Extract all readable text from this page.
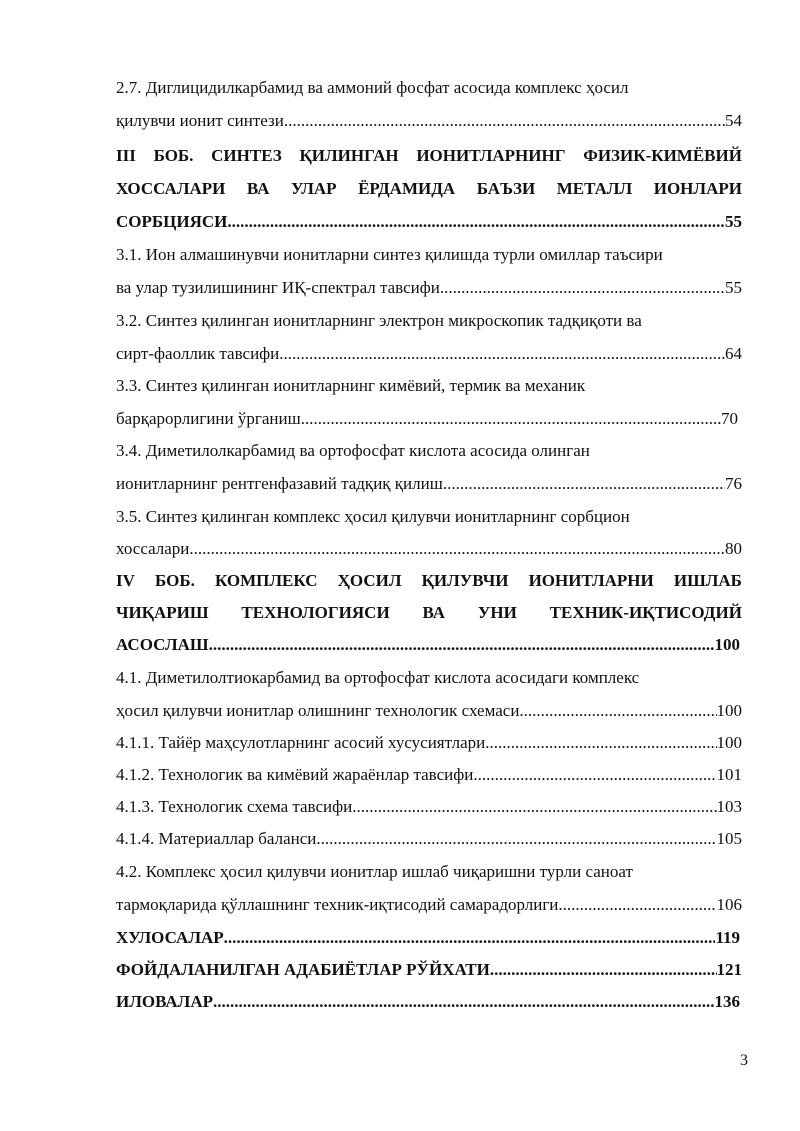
2.7. Диглицидилкарбамид ва аммоний фосфат асосида комплекс ҳосил
қилувчи ионит синтези .....	54
III БОБ. СИНТЕЗ ҚИЛИНГАН ИОНИТЛАРНИНГ ФИЗИК-КИМЁВИЙ
ХОССАЛАРИ ВА УЛАР ЁРДАМИДА БАЪЗИ МЕТАЛЛ ИОНЛАРИ
СОРБЦИЯСИ .....	55
3.1. Ион алмашинувчи ионитларни синтез қилишда турли омиллар таъсири
ва улар тузилишининг ИҚ-спектрал тавсифи .....	55
3.2. Синтез қилинган ионитларнинг электрон микроскопик тадқиқоти ва
сирт-фаоллик тавсифи .....	64
3.3. Синтез қилинган ионитларнинг кимёвий, термик ва механик
барқарорлигини ўрганиш .....	70
3.4. Диметилолкарбамид ва ортофосфат кислота асосида олинган
ионитларнинг рентгенфазавий тадқиқ қилиш .....	76
3.5. Синтез қилинган комплекс ҳосил қилувчи ионитларнинг сорбцион
хоссалари .....	80
IV БОБ. КОМПЛЕКС ҲОСИЛ ҚИЛУВЧИ ИОНИТЛАРНИ ИШЛАБ
ЧИҚАРИШ ТЕХНОЛОГИЯСИ ВА УНИ ТЕХНИК-ИҚТИСОДИЙ
АСОСЛАШ .....	100
4.1. Диметилолтиокарбамид ва ортофосфат кислота асосидаги комплекс
ҳосил қилувчи ионитлар олишнинг технологик схемаси .....	100
4.1.1. Тайёр маҳсулотларнинг асосий хусусиятлари .....	100
4.1.2. Технологик ва кимёвий жараёнлар тавсифи .....	101
4.1.3. Технологик схема тавсифи .....	103
4.1.4. Материаллар баланси .....	105
4.2. Комплекс ҳосил қилувчи ионитлар ишлаб чиқаришни турли саноат
тармоқларида қўллашнинг техник-иқтисодий самарадорлиги .....	106
ХУЛОСАЛАР .....	119
ФОЙДАЛАНИЛГАН АДАБИЁТЛАР РЎЙХАТИ .....	121
ИЛОВАЛАР .....	136
3
